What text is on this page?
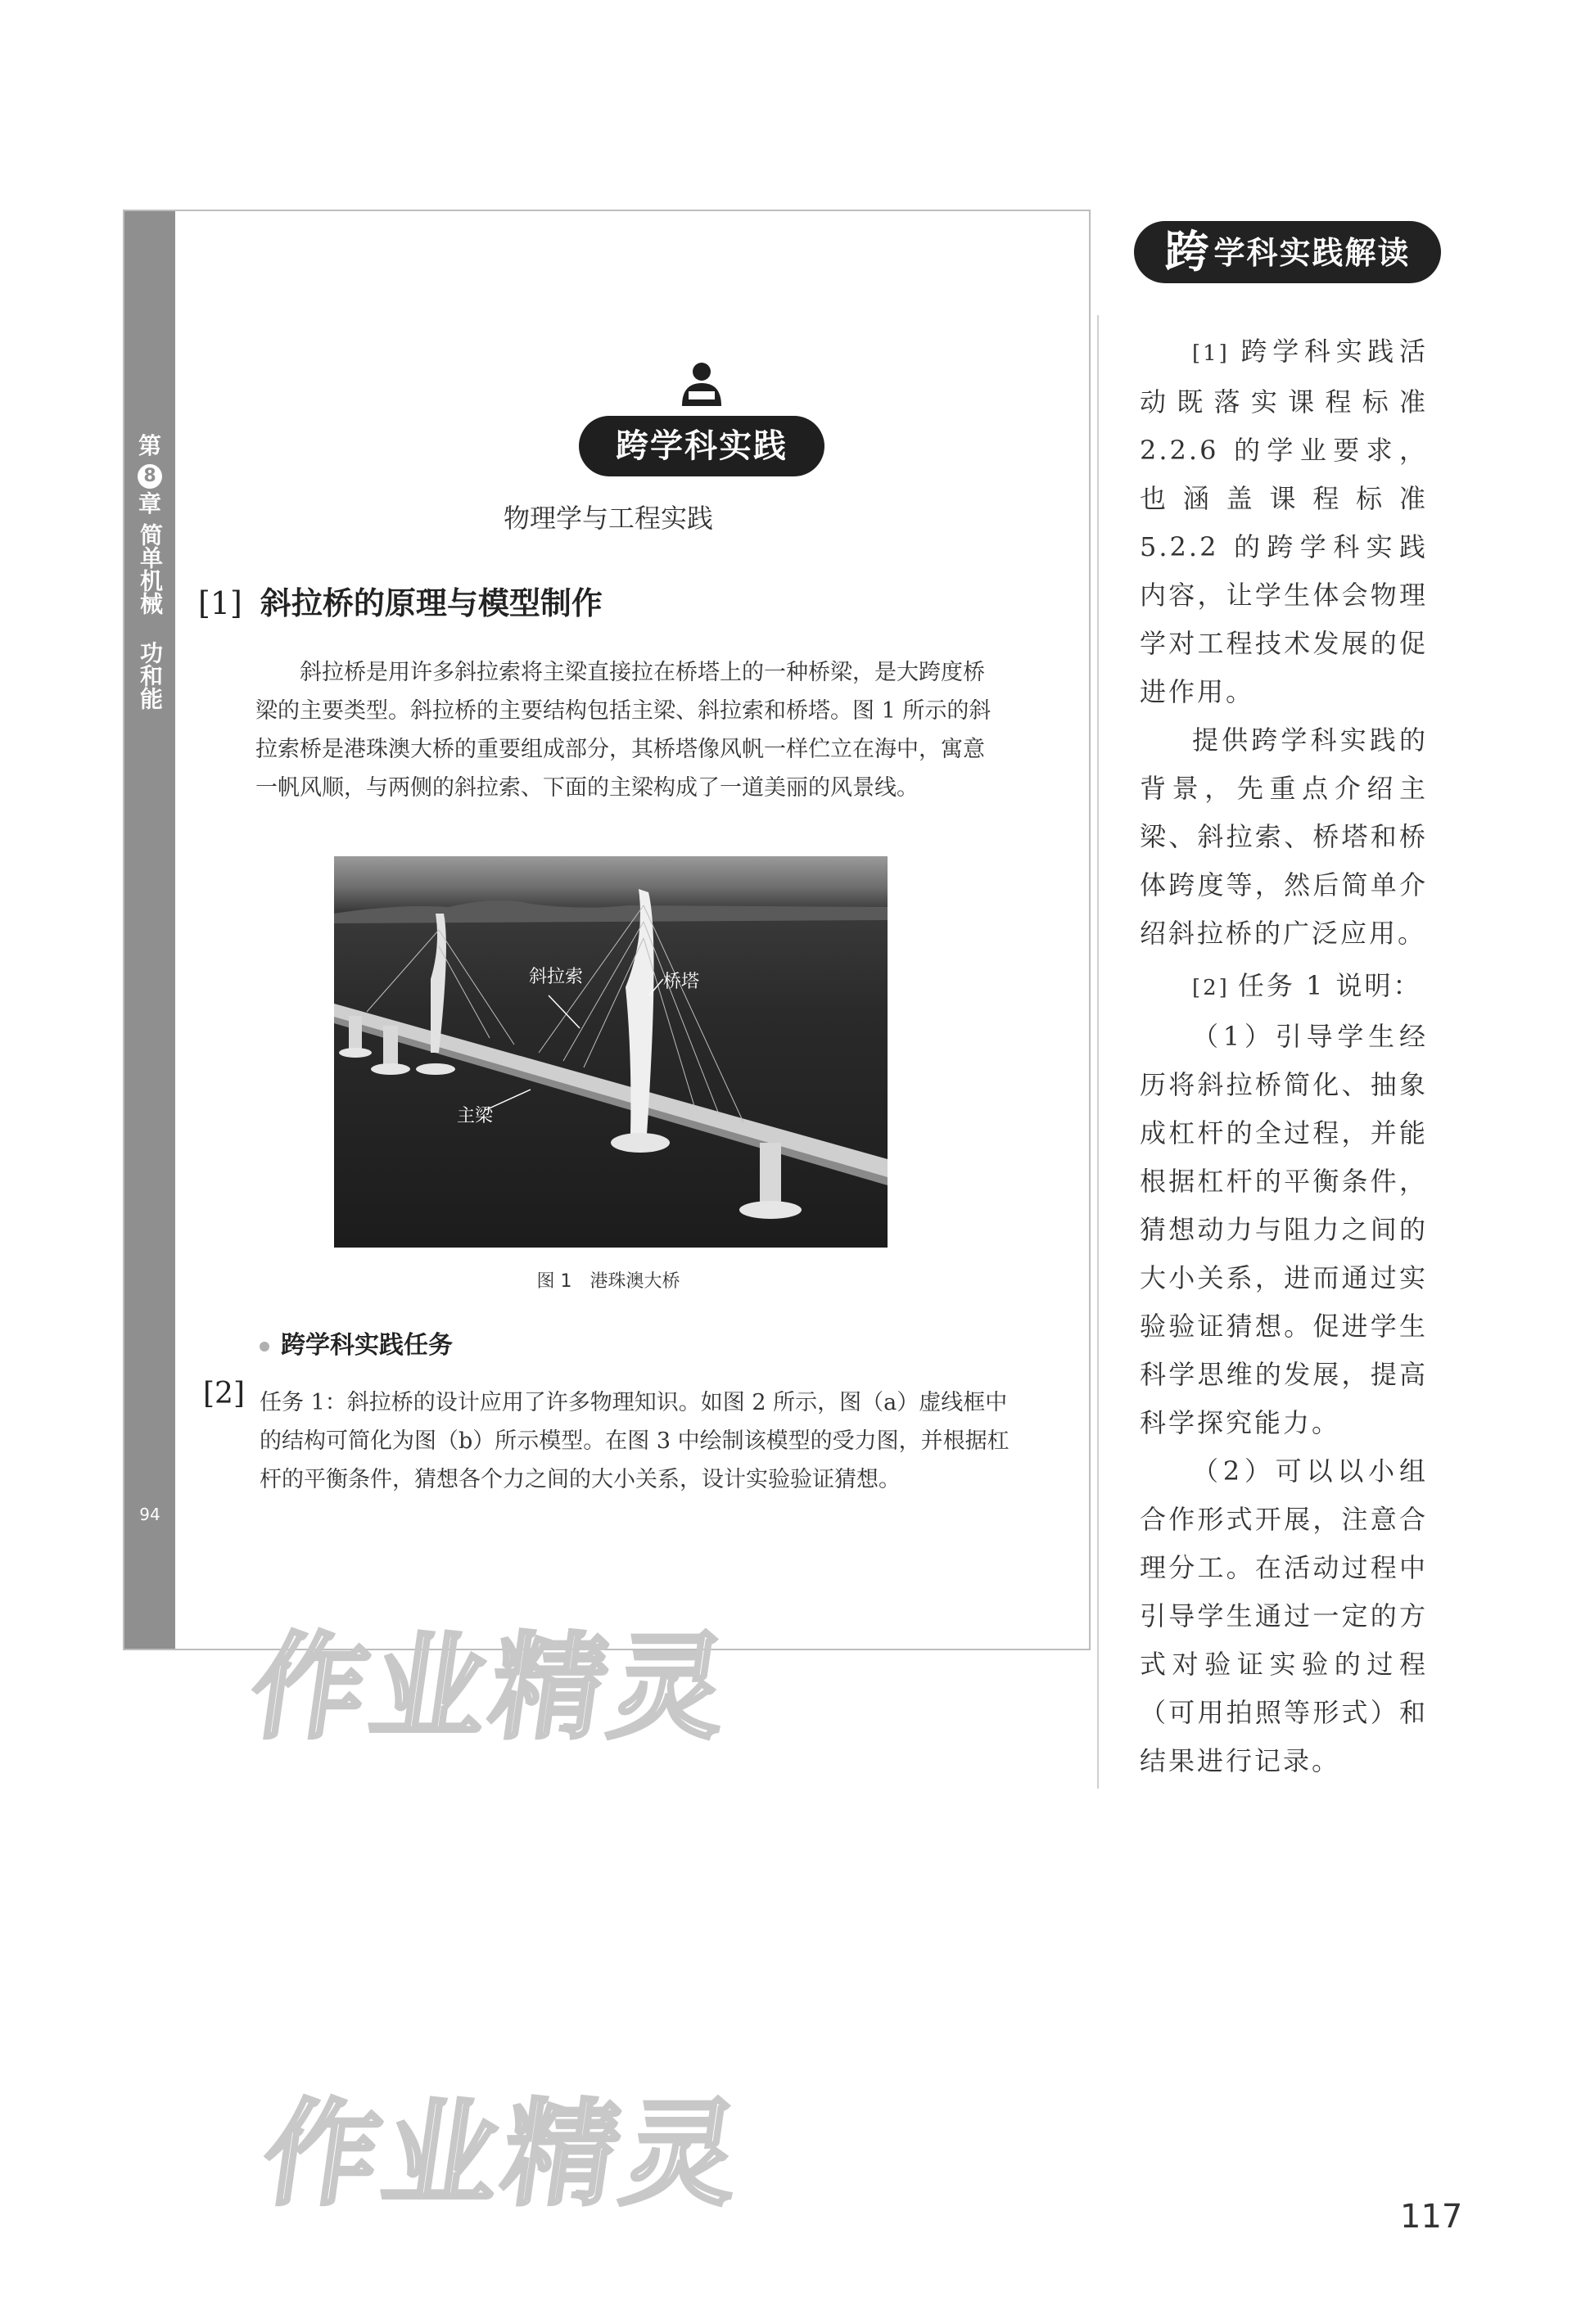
第
8
章
简单机械
功和能
94
跨学科实践
物理学与工程实践
[1] 斜拉桥的原理与模型制作
斜拉桥是用许多斜拉索将主梁直接拉在桥塔上的一种桥梁，是大跨度桥梁的主要类型。斜拉桥的主要结构包括主梁、斜拉索和桥塔。图 1 所示的斜拉索桥是港珠澳大桥的重要组成部分，其桥塔像风帆一样伫立在海中，寓意一帆风顺，与两侧的斜拉索、下面的主梁构成了一道美丽的风景线。
斜拉索	桥塔
主梁
图 1 港珠澳大桥
跨学科实践任务
[2] 任务 1：斜拉桥的设计应用了许多物理知识。如图 2 所示，图（a）虚线框中的结构可简化为图（b）所示模型。在图 3 中绘制该模型的受力图，并根据杠杆的平衡条件，猜想各个力之间的大小关系，设计实验验证猜想。
跨 学科实践解读

[1] 跨学科实践活动既落实课程标准 2.2.6 的学业要求，也涵盖课程标准 5.2.2 的跨学科实践内容，让学生体会物理学对工程技术发展的促进作用。

提供跨学科实践的背景，先重点介绍主梁、斜拉索、桥塔和桥体跨度等，然后简单介绍斜拉桥的广泛应用。

[2] 任务 1 说明：

（1）引导学生经历将斜拉桥简化、抽象成杠杆的全过程，并能根据杠杆的平衡条件，猜想动力与阻力之间的大小关系，进而通过实验验证猜想。促进学生科学思维的发展，提高科学探究能力。

（2）可以以小组合作形式开展，注意合理分工。在活动过程中引导学生通过一定的方式对验证实验的过程（可用拍照等形式）和结果进行记录。

作业精灵
作业精灵	117
